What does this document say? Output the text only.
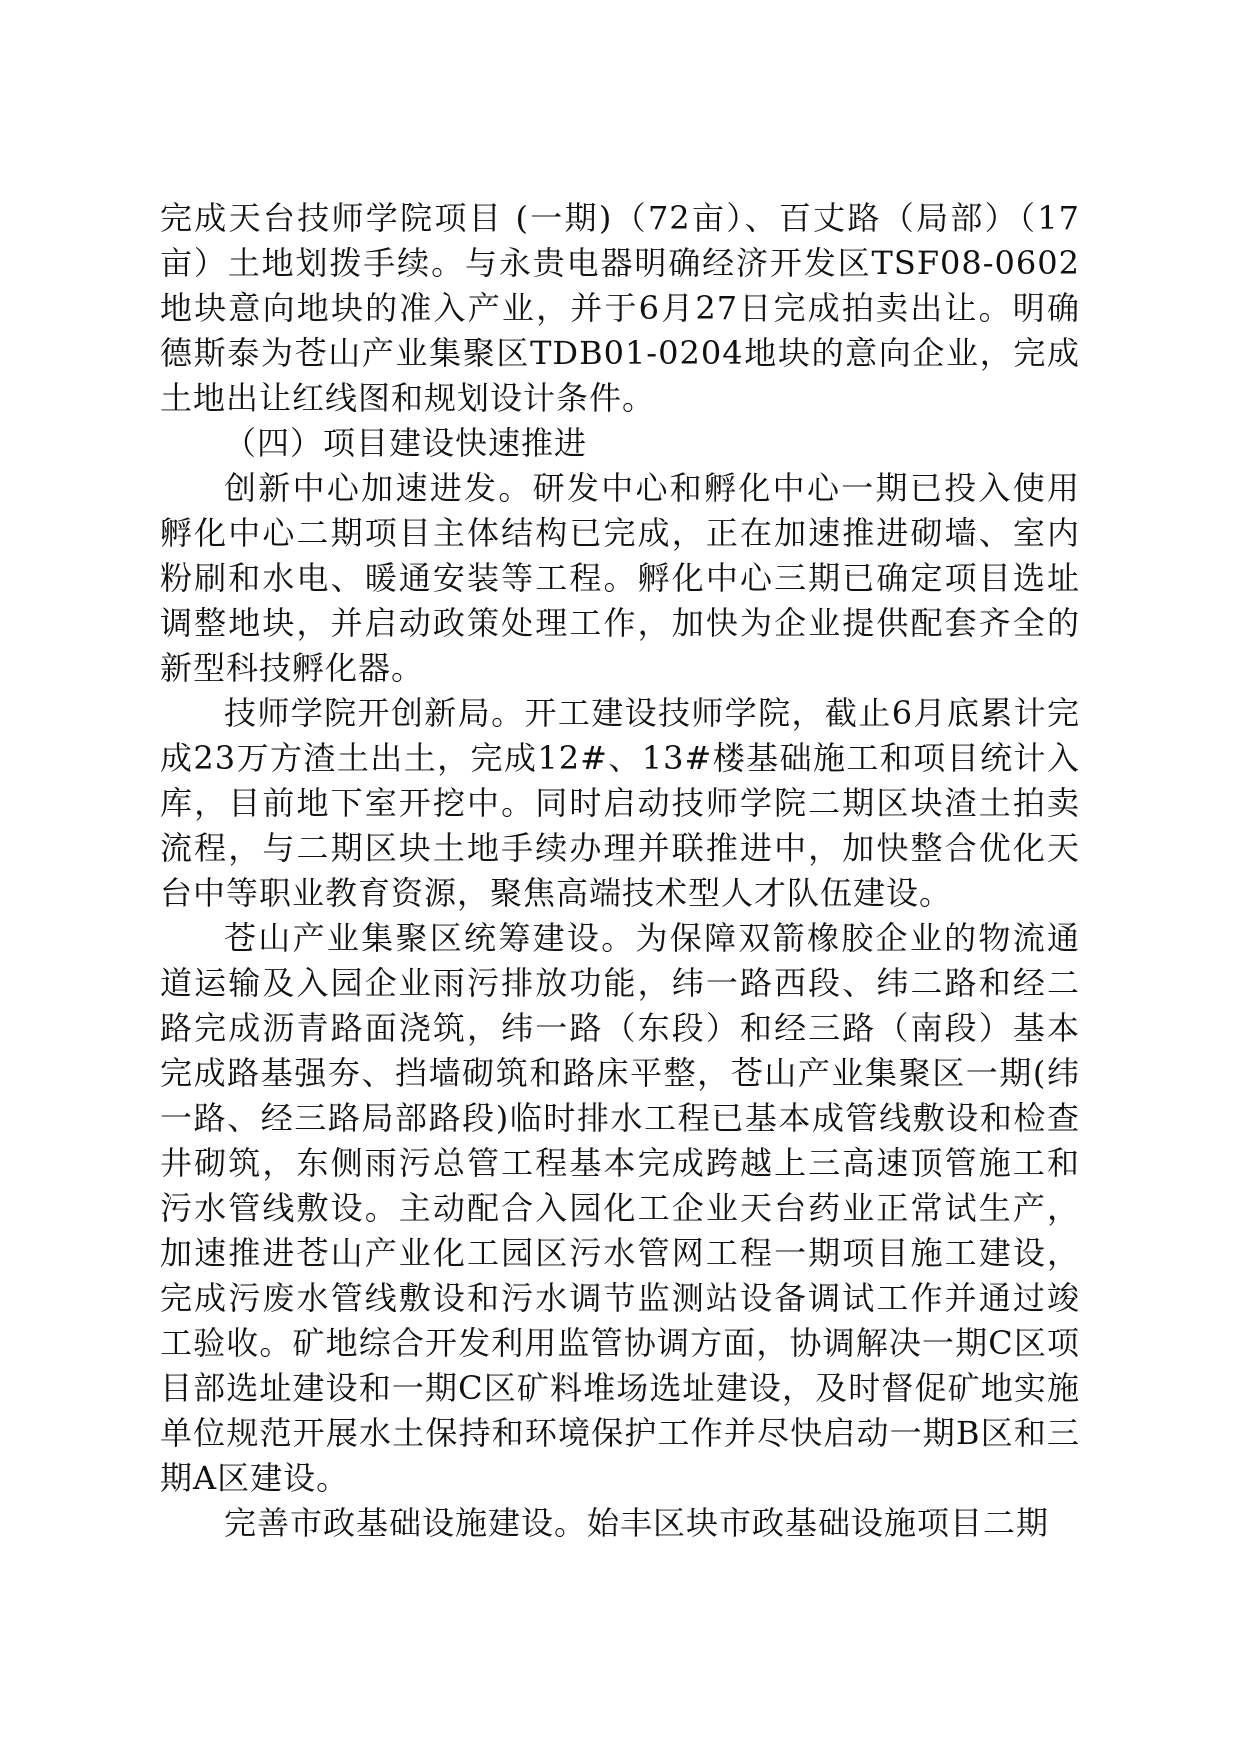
完成天台技师学院项目 (一期)（72亩）、百丈路（局部）（17亩）土地划拨手续。与永贵电器明确经济开发区TSF08-0602地块意向地块的准入产业，并于6月27日完成拍卖出让。明确德斯泰为苍山产业集聚区TDB01-0204地块的意向企业，完成土地出让红线图和规划设计条件。

（四）项目建设快速推进

创新中心加速进发。研发中心和孵化中心一期已投入使用孵化中心二期项目主体结构已完成，正在加速推进砌墙、室内粉刷和水电、暖通安装等工程。孵化中心三期已确定项目选址调整地块，并启动政策处理工作，加快为企业提供配套齐全的新型科技孵化器。

技师学院开创新局。开工建设技师学院，截止6月底累计完成23万方渣土出土，完成12#、13#楼基础施工和项目统计入库，目前地下室开挖中。同时启动技师学院二期区块渣土拍卖流程，与二期区块土地手续办理并联推进中，加快整合优化天台中等职业教育资源，聚焦高端技术型人才队伍建设。

苍山产业集聚区统筹建设。为保障双箭橡胶企业的物流通道运输及入园企业雨污排放功能，纬一路西段、纬二路和经二路完成沥青路面浇筑，纬一路（东段）和经三路（南段）基本完成路基强夯、挡墙砌筑和路床平整，苍山产业集聚区一期(纬一路、经三路局部路段)临时排水工程已基本成管线敷设和检查井砌筑，东侧雨污总管工程基本完成跨越上三高速顶管施工和污水管线敷设。主动配合入园化工企业天台药业正常试生产，加速推进苍山产业化工园区污水管网工程一期项目施工建设，完成污废水管线敷设和污水调节监测站设备调试工作并通过竣工验收。矿地综合开发利用监管协调方面，协调解决一期C区项目部选址建设和一期C区矿料堆场选址建设，及时督促矿地实施单位规范开展水土保持和环境保护工作并尽快启动一期B区和三期A区建设。

完善市政基础设施建设。始丰区块市政基础设施项目二期
